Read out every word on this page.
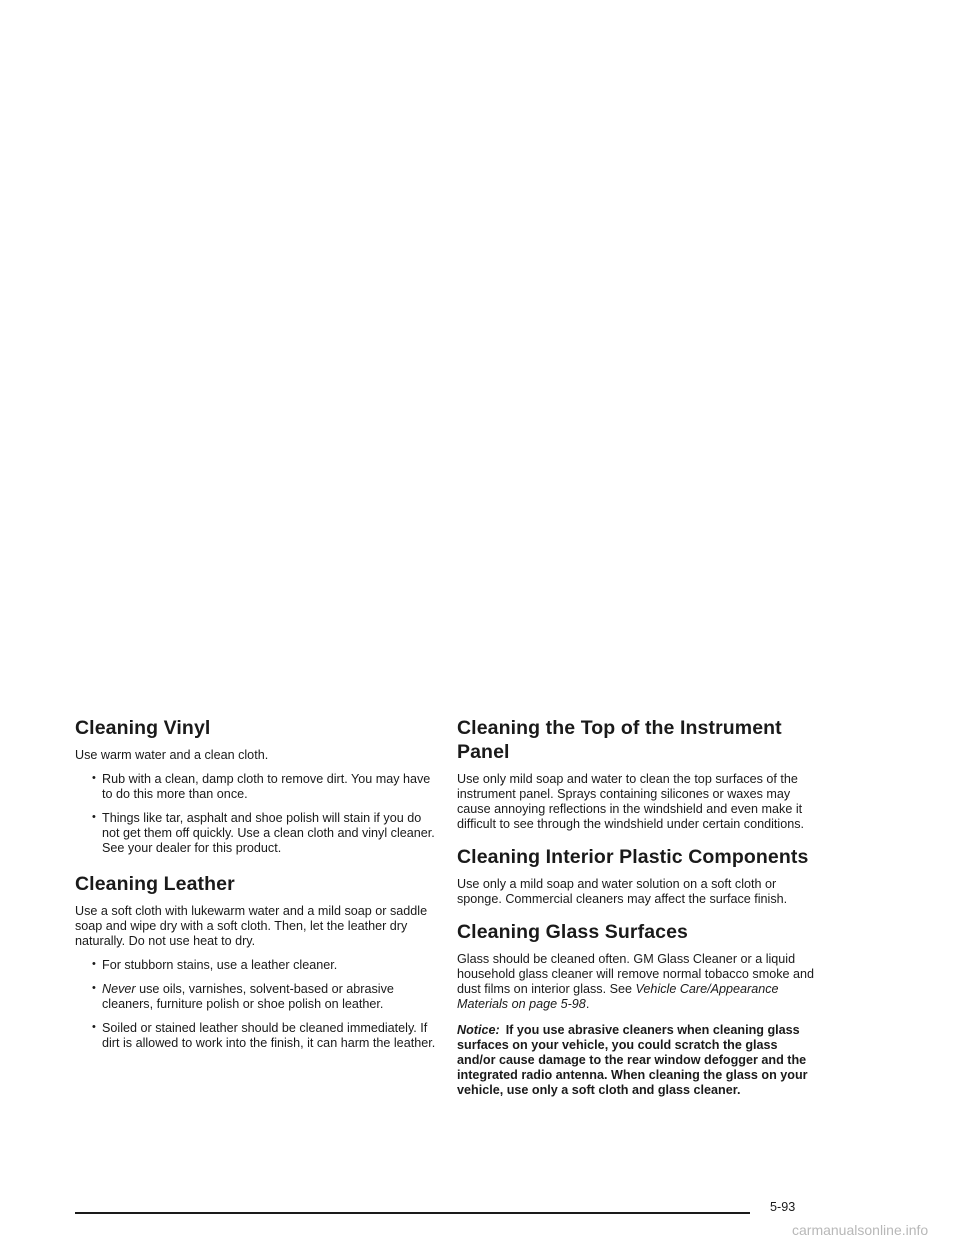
Cleaning Vinyl

Use warm water and a clean cloth.

• Rub with a clean, damp cloth to remove dirt. You may have to do this more than once.
• Things like tar, asphalt and shoe polish will stain if you do not get them off quickly. Use a clean cloth and vinyl cleaner. See your dealer for this product.
Cleaning Leather

Use a soft cloth with lukewarm water and a mild soap or saddle soap and wipe dry with a soft cloth. Then, let the leather dry naturally. Do not use heat to dry.

• For stubborn stains, use a leather cleaner.
• Never use oils, varnishes, solvent-based or abrasive cleaners, furniture polish or shoe polish on leather.
• Soiled or stained leather should be cleaned immediately. If dirt is allowed to work into the finish, it can harm the leather.
Cleaning the Top of the Instrument Panel

Use only mild soap and water to clean the top surfaces of the instrument panel. Sprays containing silicones or waxes may cause annoying reflections in the windshield and even make it difficult to see through the windshield under certain conditions.

Cleaning Interior Plastic Components

Use only a mild soap and water solution on a soft cloth or sponge. Commercial cleaners may affect the surface finish.

Cleaning Glass Surfaces

Glass should be cleaned often. GM Glass Cleaner or a liquid household glass cleaner will remove normal tobacco smoke and dust films on interior glass. See Vehicle Care/Appearance Materials on page 5-98.

Notice: If you use abrasive cleaners when cleaning glass surfaces on your vehicle, you could scratch the glass and/or cause damage to the rear window defogger and the integrated radio antenna. When cleaning the glass on your vehicle, use only a soft cloth and glass cleaner.

5-93
carmanualsonline.info
